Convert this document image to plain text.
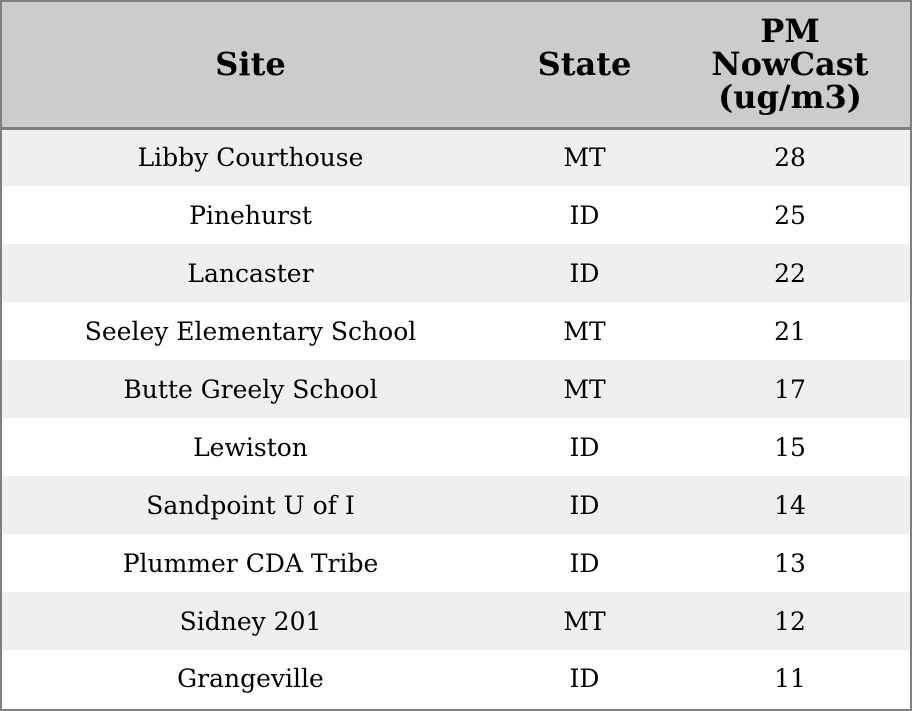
Site	State	PM
NowCast
(ug/m3)
Libby Courthouse	MT	28
Pinehurst	ID	25
Lancaster	ID	22
Seeley Elementary School	MT	21
Butte Greely School	MT	17
Lewiston	ID	15
Sandpoint U of I	ID	14
Plummer CDA Tribe	ID	13
Sidney 201	MT	12
Grangeville	ID	11
